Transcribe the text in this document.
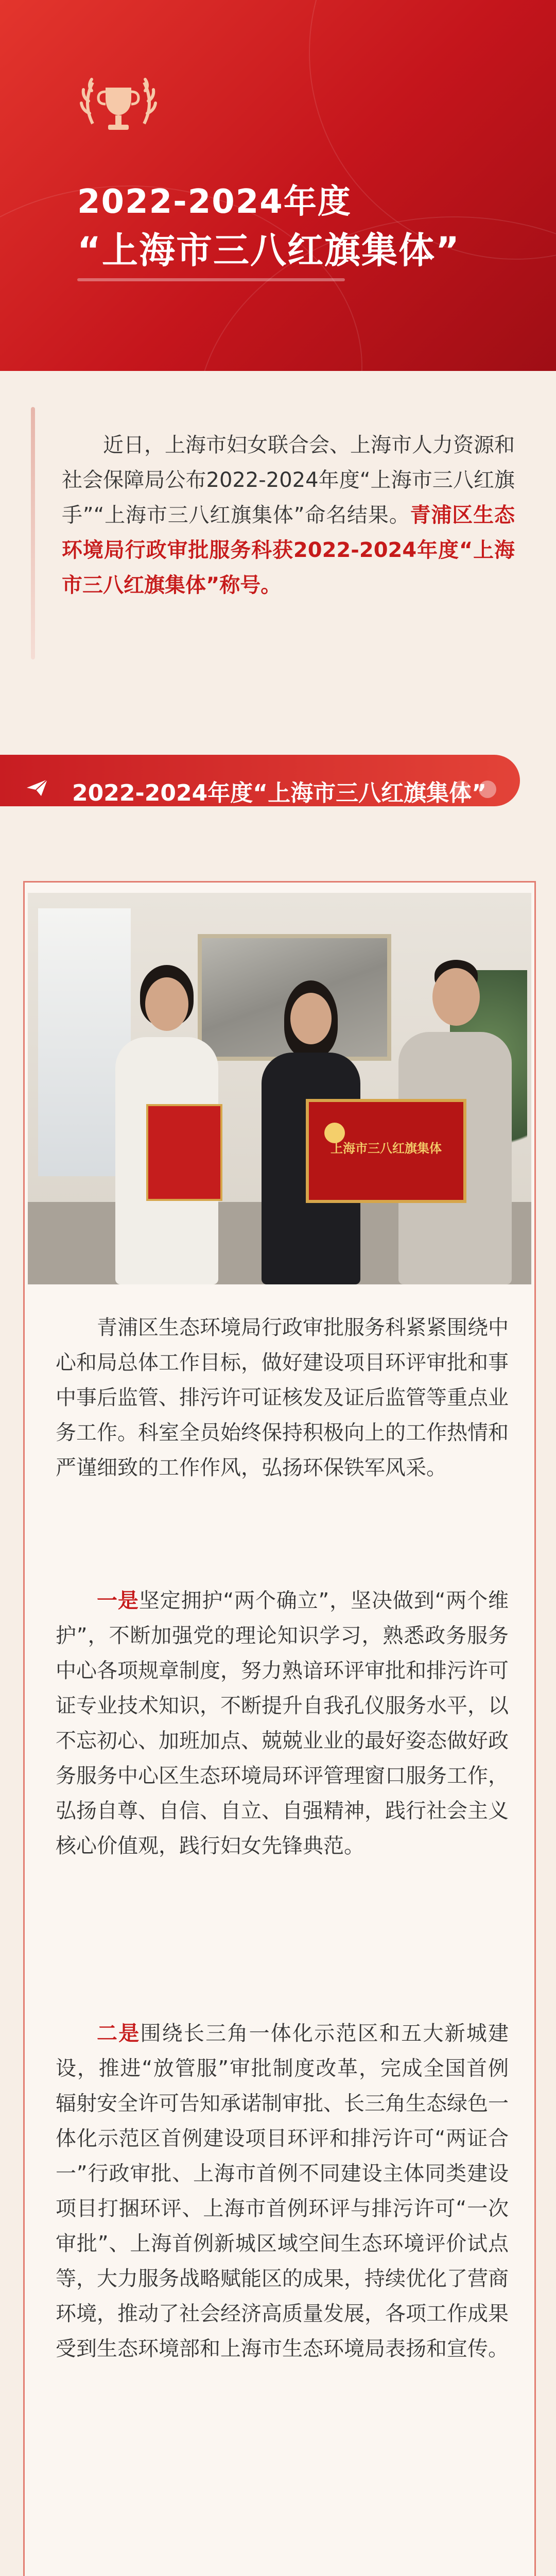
2022-2024年度
“上海市三八红旗集体”
近日，上海市妇女联合会、上海市人力资源和社会保障局公布2022-2024年度“上海市三八红旗手”“上海市三八红旗集体”命名结果。青浦区生态环境局行政审批服务科获2022-2024年度“上海市三八红旗集体”称号。
2022-2024年度“上海市三八红旗集体”
上海市三八红旗集体
青浦区生态环境局行政审批服务科紧紧围绕中心和局总体工作目标，做好建设项目环评审批和事中事后监管、排污许可证核发及证后监管等重点业务工作。科室全员始终保持积极向上的工作热情和严谨细致的工作作风，弘扬环保铁军风采。
一是坚定拥护“两个确立”，坚决做到“两个维护”，不断加强党的理论知识学习，熟悉政务服务中心各项规章制度，努力熟谙环评审批和排污许可证专业技术知识，不断提升自我孔仪服务水平，以不忘初心、加班加点、兢兢业业的最好姿态做好政务服务中心区生态环境局环评管理窗口服务工作，弘扬自尊、自信、自立、自强精神，践行社会主义核心价值观，践行妇女先锋典范。
二是围绕长三角一体化示范区和五大新城建设，推进“放管服”审批制度改革，完成全国首例辐射安全许可告知承诺制审批、长三角生态绿色一体化示范区首例建设项目环评和排污许可“两证合一”行政审批、上海市首例不同建设主体同类建设项目打捆环评、上海市首例环评与排污许可“一次审批”、上海首例新城区域空间生态环境评价试点等，大力服务战略赋能区的成果，持续优化了营商环境，推动了社会经济高质量发展，各项工作成果受到生态环境部和上海市生态环境局表扬和宣传。
